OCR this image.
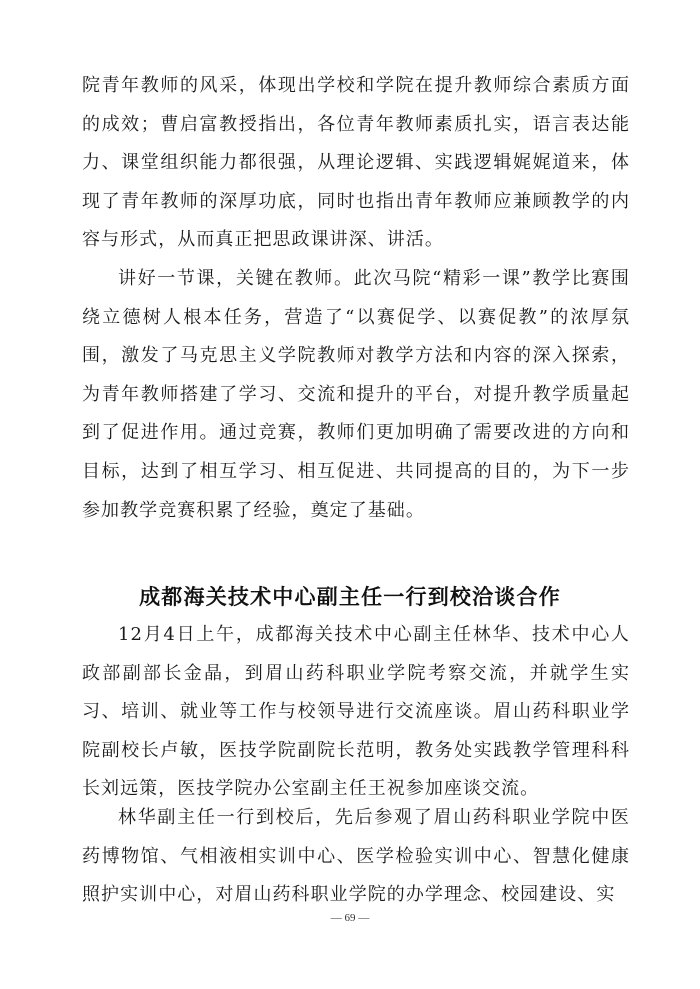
院青年教师的风采，体现出学校和学院在提升教师综合素质方面的成效；曹启富教授指出，各位青年教师素质扎实，语言表达能力、课堂组织能力都很强，从理论逻辑、实践逻辑娓娓道来，体现了青年教师的深厚功底，同时也指出青年教师应兼顾教学的内容与形式，从而真正把思政课讲深、讲活。

讲好一节课，关键在教师。此次马院“精彩一课”教学比赛围绕立德树人根本任务，营造了“以赛促学、以赛促教”的浓厚氛围，激发了马克思主义学院教师对教学方法和内容的深入探索，为青年教师搭建了学习、交流和提升的平台，对提升教学质量起到了促进作用。通过竞赛，教师们更加明确了需要改进的方向和目标，达到了相互学习、相互促进、共同提高的目的，为下一步参加教学竞赛积累了经验，奠定了基础。

成都海关技术中心副主任一行到校洽谈合作

12月4日上午，成都海关技术中心副主任林华、技术中心人政部副部长金晶，到眉山药科职业学院考察交流，并就学生实习、培训、就业等工作与校领导进行交流座谈。眉山药科职业学院副校长卢敏，医技学院副院长范明，教务处实践教学管理科科长刘远策，医技学院办公室副主任王祝参加座谈交流。

林华副主任一行到校后，先后参观了眉山药科职业学院中医药博物馆、气相液相实训中心、医学检验实训中心、智慧化健康照护实训中心，对眉山药科职业学院的办学理念、校园建设、实

— 69 —
